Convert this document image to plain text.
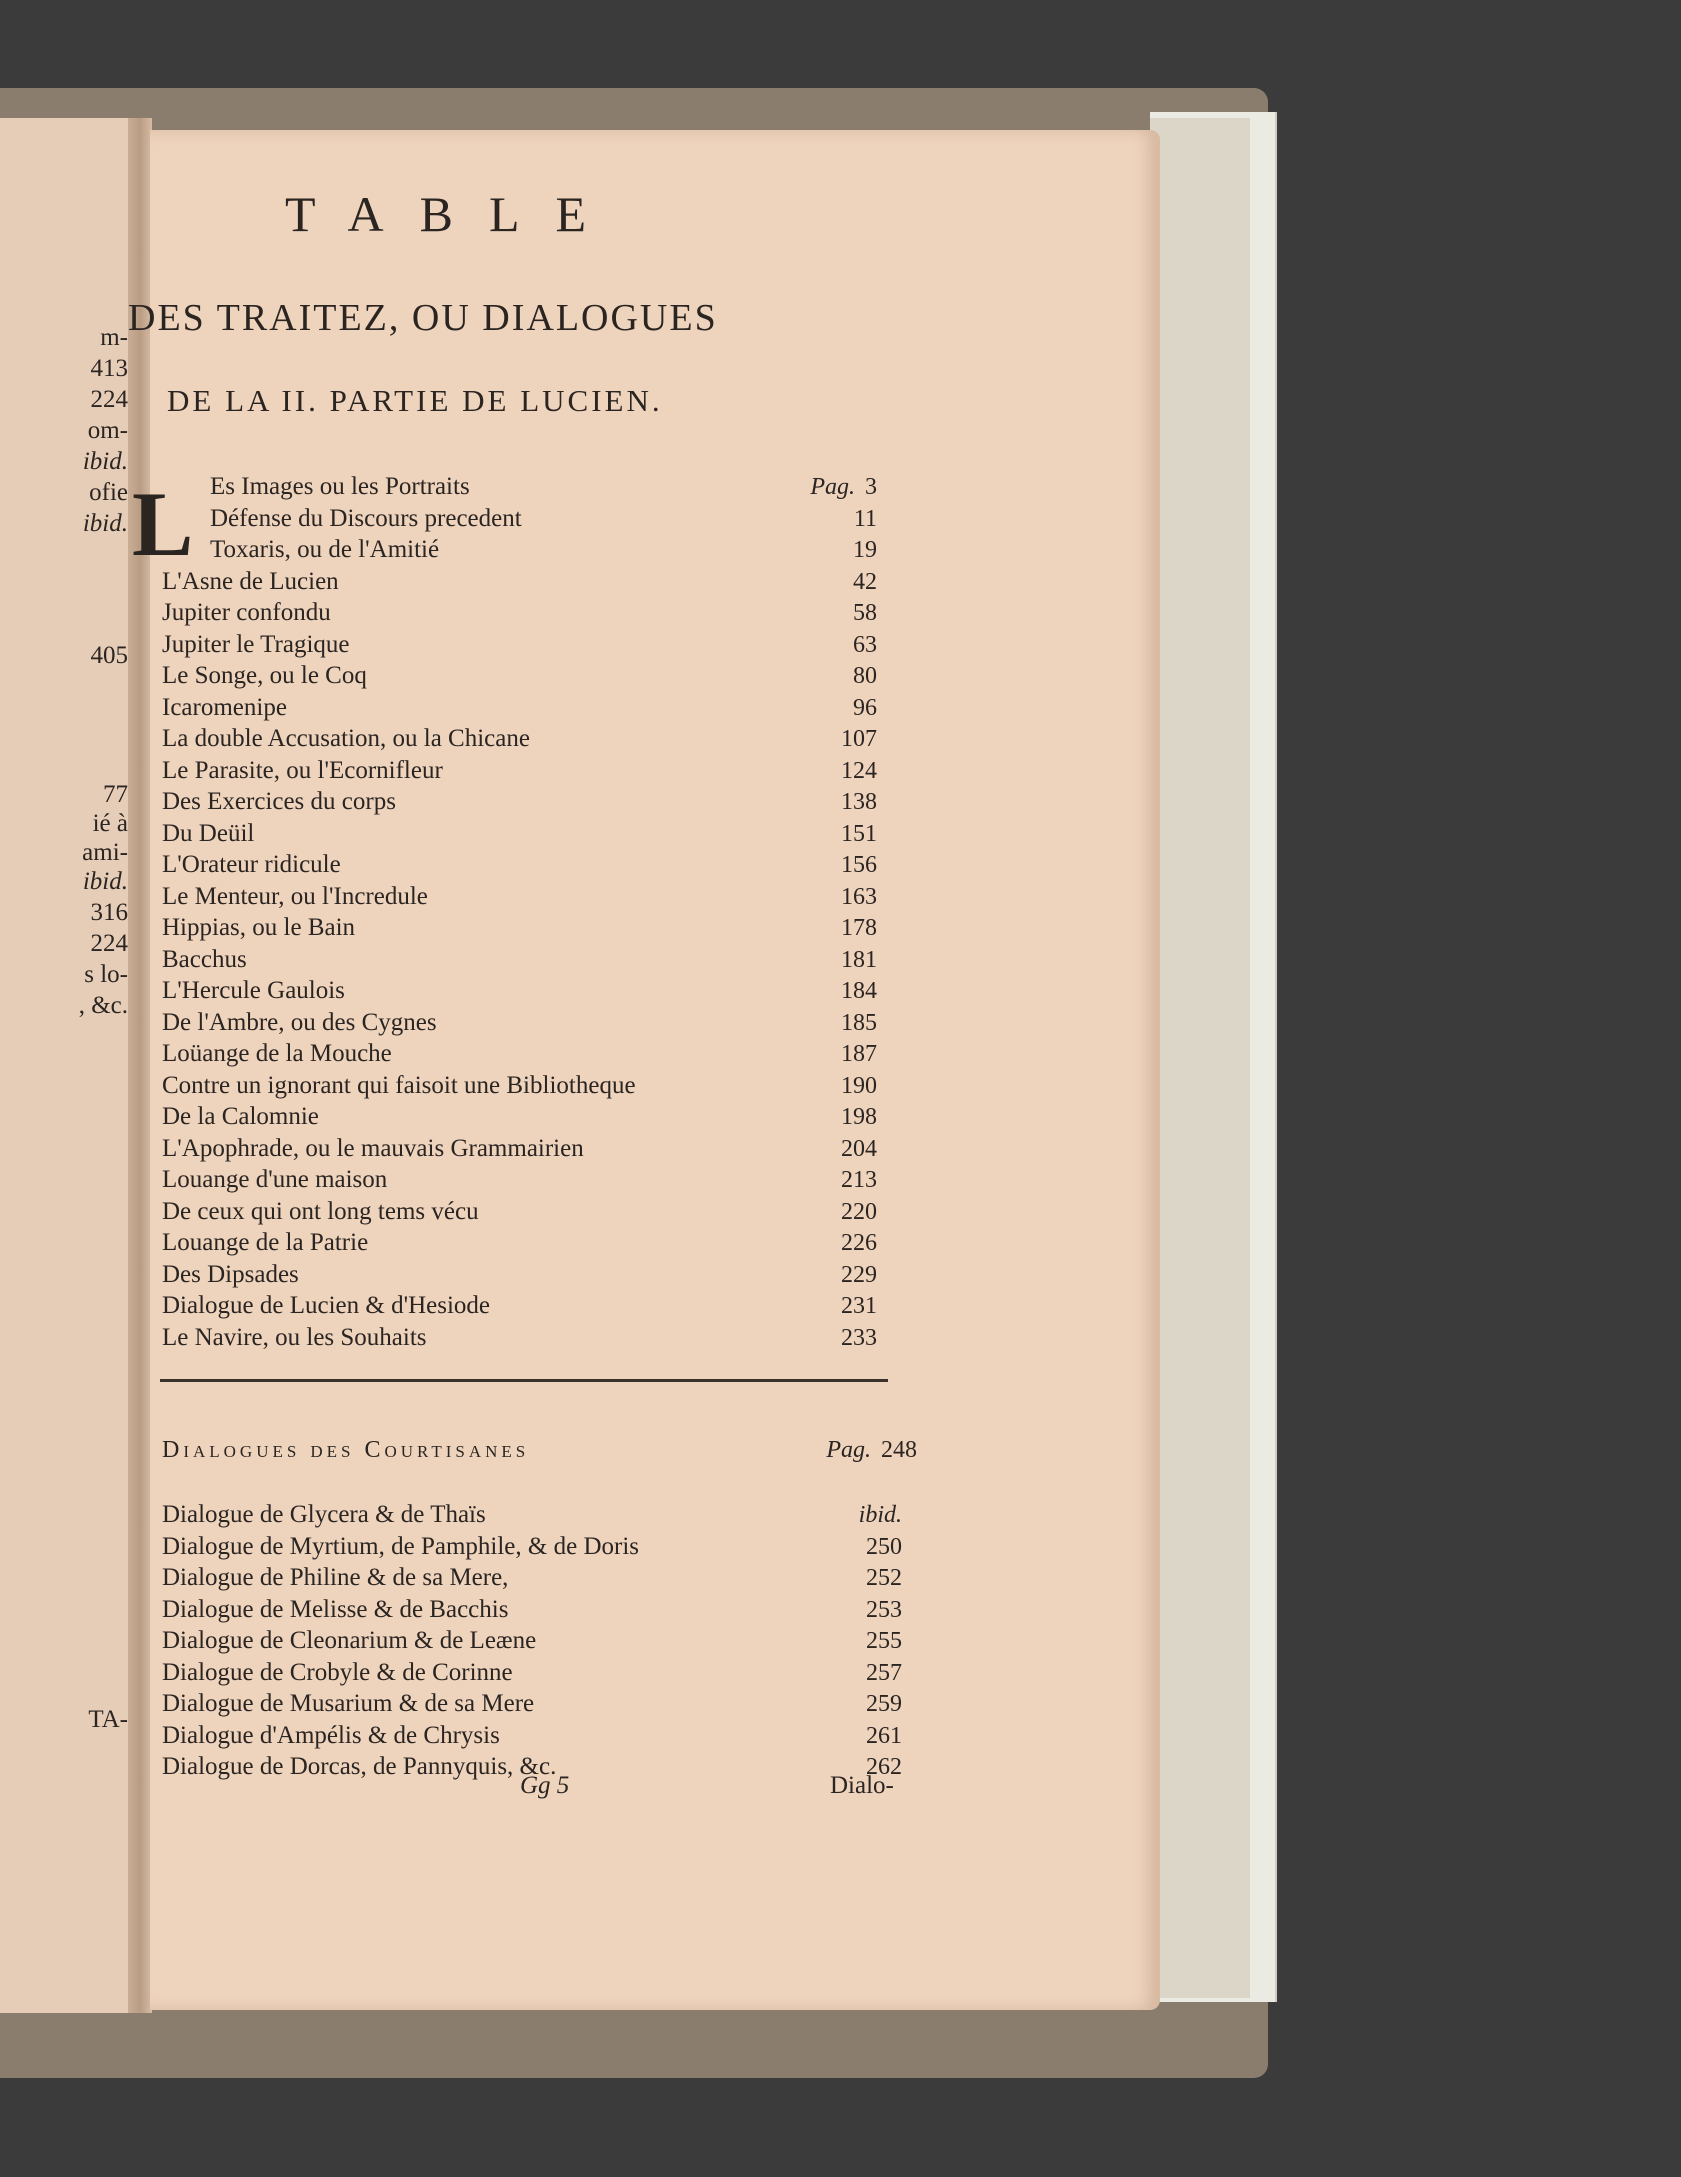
TABLE
DES TRAITEZ, OU DIALOGUES
DE LA II. PARTIE DE LUCIEN.
L Es Images ou les Portraits	Pag. 3
Défense du Discours precedent	11
Toxaris, ou de l'Amitié	19
L'Asne de Lucien	42
Jupiter confondu	58
Jupiter le Tragique	63
Le Songe, ou le Coq	80
Icaromenipe	96
La double Accusation, ou la Chicane	107
Le Parasite, ou l'Ecornifleur	124
Des Exercices du corps	138
Du Deüil	151
L'Orateur ridicule	156
Le Menteur, ou l'Incredule	163
Hippias, ou le Bain	178
Bacchus	181
L'Hercule Gaulois	184
De l'Ambre, ou des Cygnes	185
Loüange de la Mouche	187
Contre un ignorant qui faisoit une Bibliotheque	190
De la Calomnie	198
L'Apophrade, ou le mauvais Grammairien	204
Louange d'une maison	213
De ceux qui ont long tems vécu	220
Louange de la Patrie	226
Des Dipsades	229
Dialogue de Lucien & d'Hesiode	231
Le Navire, ou les Souhaits	233
Dialogues des Courtisanes	Pag. 248
Dialogue de Glycera & de Thaïs	ibid.
Dialogue de Myrtium, de Pamphile, & de Doris	250
Dialogue de Philine & de sa Mere,	252
Dialogue de Melisse & de Bacchis	253
Dialogue de Cleonarium & de Leæne	255
Dialogue de Crobyle & de Corinne	257
Dialogue de Musarium & de sa Mere	259
Dialogue d'Ampélis & de Chrysis	261
Dialogue de Dorcas, de Pannyquis, &c.	262
Gg 5	Dialo-
m-
413
224
om-
ibid.
ofie
ibid.
405
77
ié à
ami-
ibid.
316
224
s lo-
, &c.
TA-
